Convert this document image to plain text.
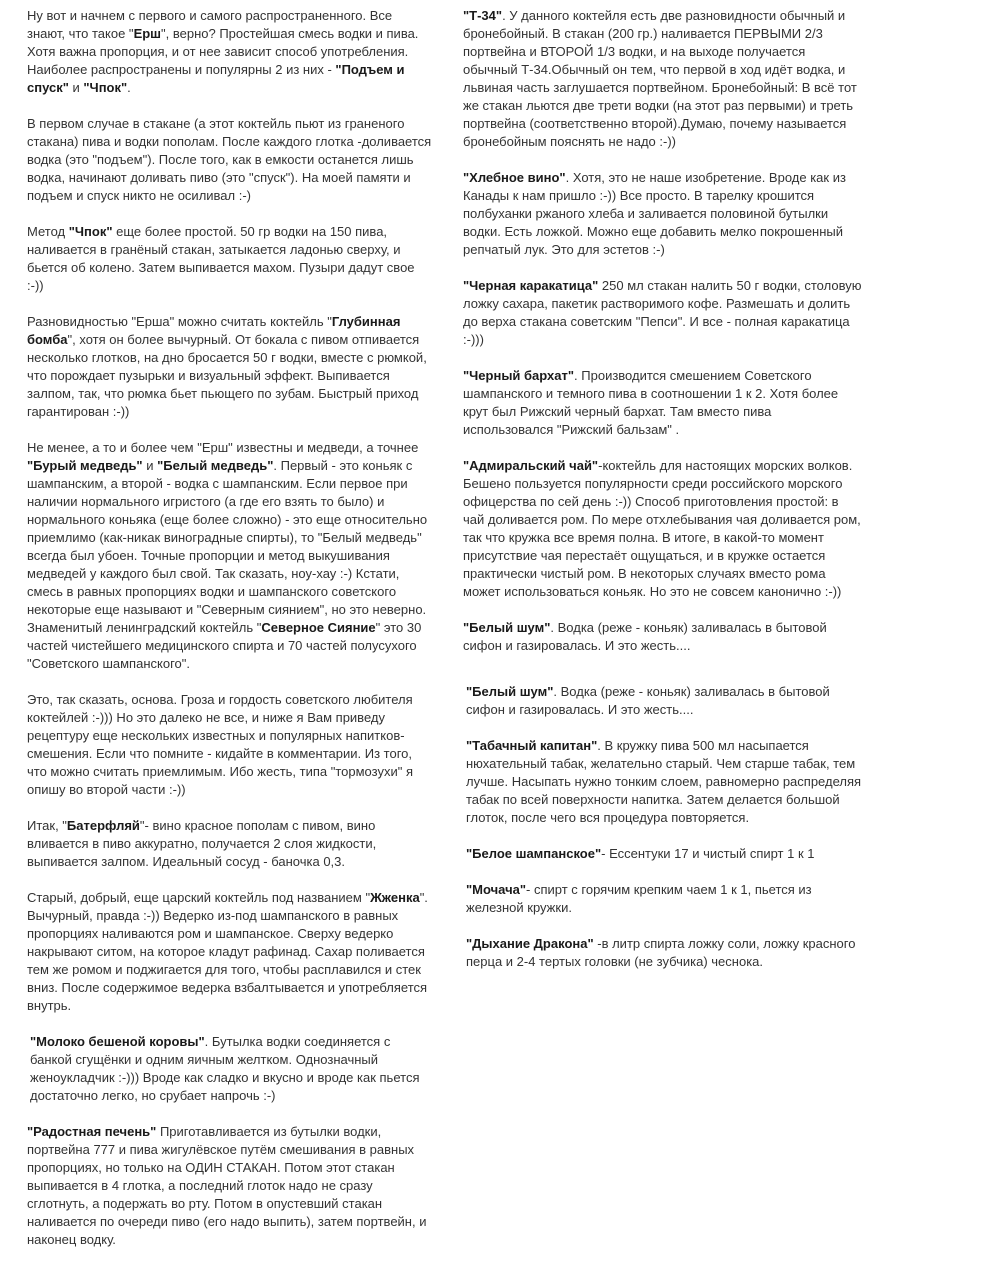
Ну вот и начнем с первого и самого распространенного. Все знают, что такое "Ерш", верно? Простейшая смесь водки и пива. Хотя важна пропорция, и от нее зависит способ употребления. Наиболее распространены и популярны 2 из них - "Подъем и спуск" и "Чпок".

В первом случае в стакане (а этот коктейль пьют из граненого стакана) пива и водки пополам. После каждого глотка -доливается водка (это "подъем"). После того, как в емкости останется лишь водка, начинают доливать пиво (это "спуск"). На моей памяти и подъем и спуск никто не осиливал :-)

Метод "Чпок" еще более простой. 50 гр водки на 150 пива, наливается в гранёный стакан, затыкается ладонью сверху, и бьется об колено. Затем выпивается махом. Пузыри дадут свое :-))

Разновидностью "Ерша" можно считать коктейль "Глубинная бомба", хотя он более вычурный. От бокала с пивом отпивается несколько глотков, на дно бросается 50 г водки, вместе с рюмкой, что порождает пузырьки и визуальный эффект. Выпивается залпом, так, что рюмка бьет пьющего по зубам. Быстрый приход гарантирован :-))

Не менее, а то и более чем "Ерш" известны и медведи, а точнее "Бурый медведь" и "Белый медведь". Первый - это коньяк с шампанским, а второй - водка с шампанским. Если первое при наличии нормального игристого (а где его взять то было) и нормального коньяка (еще более сложно) - это еще относительно приемлимо (как-никак виноградные спирты), то "Белый медведь" всегда был убоен. Точные пропорции и метод выкушивания медведей у каждого был свой. Так сказать, ноу-хау :-) Кстати, смесь в равных пропорциях водки и шампанского советского некоторые еще называют и "Северным сиянием", но это неверно. Знаменитый ленинградский коктейль "Северное Сияние" это 30 частей чистейшего медицинского спирта и 70 частей полусухого "Советского шампанского".

Это, так сказать, основа. Гроза и гордость советского любителя коктейлей :-))) Но это далеко не все, и ниже я Вам приведу рецептуру еще нескольких известных и популярных напитков-смешения. Если что помните - кидайте в комментарии. Из того, что можно считать приемлимым. Ибо жесть, типа "тормозухи" я опишу во второй части :-))

Итак, "Батерфляй"- вино красное пополам с пивом, вино вливается в пиво аккуратно, получается 2 слоя жидкости, выпивается залпом. Идеальный сосуд - баночка 0,3.

Старый, добрый, еще царский коктейль под названием "Жженка". Вычурный, правда :-)) Ведерко из-под шампанского в равных пропорциях наливаются ром и шампанское. Сверху ведерко накрывают ситом, на которое кладут рафинад. Сахар поливается тем же ромом и поджигается для того, чтобы расплавился и стек вниз. После содержимое ведерка взбалтывается и употребляется внутрь.

"Молоко бешеной коровы". Бутылка водки соединяется с банкой сгущёнки и одним яичным желтком. Однозначный женоукладчик :-))) Вроде как сладко и вкусно и вроде как пьется достаточно легко, но срубает напрочь :-)

"Радостная печень" Приготавливается из бутылки водки, портвейна 777 и пива жигулёвское путём смешивания в равных пропорциях, но только на ОДИН СТАКАН. Потом этот стакан выпивается в 4 глотка, а последний глоток надо не сразу сглотнуть, а подержать во рту. Потом в опустевший стакан наливается по очереди пиво (его надо выпить), затем портвейн, и наконец водку.

"Т-34". У данного коктейля есть две разновидности обычный и бронебойный. В стакан (200 гр.) наливается ПЕРВЫМИ 2/3 портвейна и ВТОРОЙ 1/3 водки, и на выходе получается обычный Т-34.Обычный он тем, что первой в ход идёт водка, и львиная часть заглушается портвейном. Бронебойный: В всё тот же стакан льются две трети водки (на этот раз первыми) и треть портвейна (соответственно второй).Думаю, почему называется бронебойным пояснять не надо :-))

"Хлебное вино". Хотя, это не наше изобретение. Вроде как из Канады к нам пришло :-)) Все просто. В тарелку крошится полбуханки ржаного хлеба и заливается половиной бутылки водки. Есть ложкой. Можно еще добавить мелко покрошенный репчатый лук. Это для эстетов :-)

"Черная каракатица" 250 мл стакан налить 50 г водки, столовую ложку сахара, пакетик растворимого кофе. Размешать и долить до верха стакана советским "Пепси". И все - полная каракатица :-)))

"Черный бархат". Производится смешением Советского шампанского и темного пива в соотношении 1 к 2. Хотя более крут был Рижский черный бархат. Там вместо пива использовался "Рижский бальзам" .

"Адмиральский чай"-коктейль для настоящих морских волков. Бешено пользуется популярности среди российского морского офицерства по сей день :-)) Способ приготовления простой: в чай доливается ром. По мере отхлебывания чая доливается ром, так что кружка все время полна. В итоге, в какой-то момент присутствие чая перестаёт ощущаться, и в кружке остается практически чистый ром. В некоторых случаях вместо рома может использоваться коньяк. Но это не совсем канонично :-))

"Белый шум". Водка (реже - коньяк) заливалась в бытовой сифон и газировалась. И это жесть....

"Белый шум". Водка (реже - коньяк) заливалась в бытовой сифон и газировалась. И это жесть....

"Табачный капитан". В кружку пива 500 мл насыпается нюхательный табак, желательно старый. Чем старше табак, тем лучше. Насыпать нужно тонким слоем, равномерно распределяя табак по всей поверхности напитка. Затем делается большой глоток, после чего вся процедура повторяется.

"Белое шампанское"- Ессентуки 17 и чистый спирт 1 к 1

"Мочача"- спирт с горячим крепким чаем 1 к 1, пьется из железной кружки.

"Дыхание Дракона" -в литр спирта ложку соли, ложку красного перца и 2-4 тертых головки (не зубчика) чеснока.
